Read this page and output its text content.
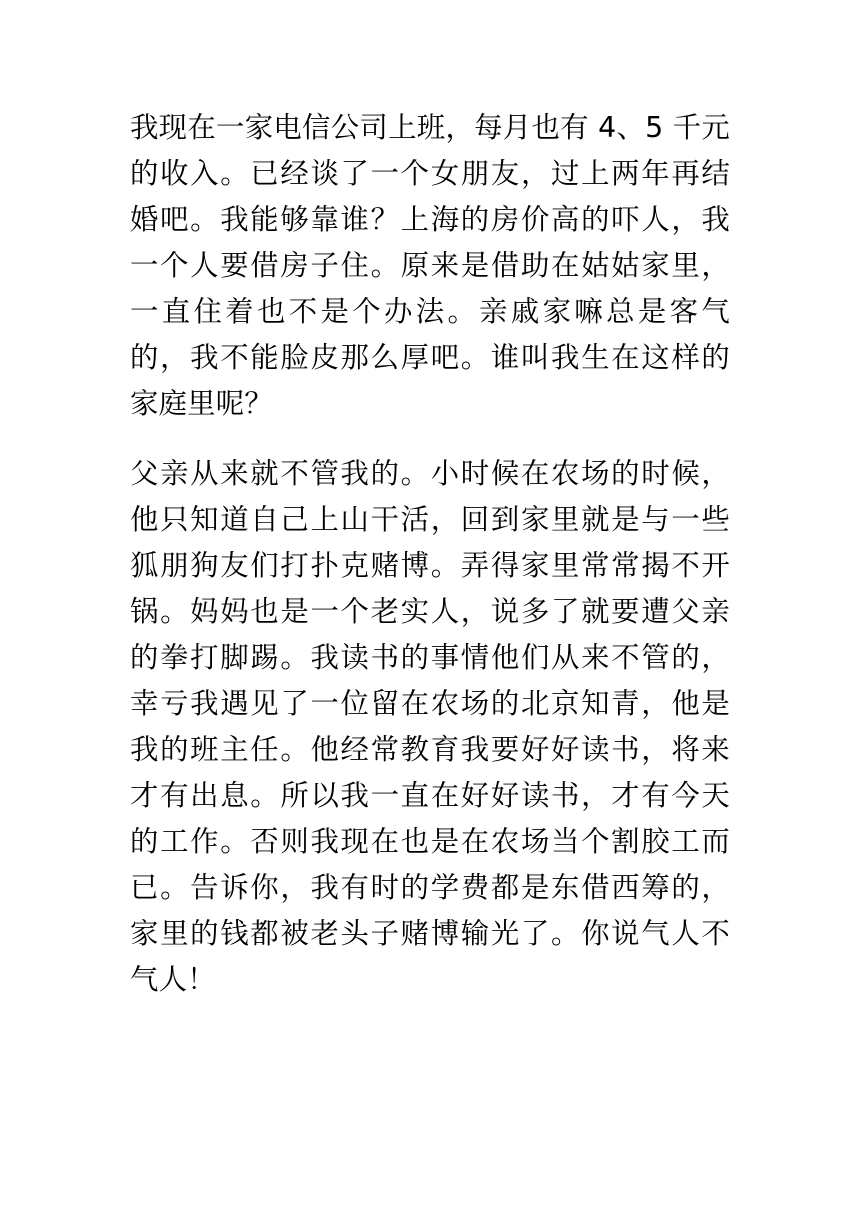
我现在一家电信公司上班，每月也有 4、5 千元的收入。已经谈了一个女朋友，过上两年再结婚吧。我能够靠谁？上海的房价高的吓人，我一个人要借房子住。原来是借助在姑姑家里，一直住着也不是个办法。亲戚家嘛总是客气的，我不能脸皮那么厚吧。谁叫我生在这样的家庭里呢？

父亲从来就不管我的。小时候在农场的时候，他只知道自己上山干活，回到家里就是与一些狐朋狗友们打扑克赌博。弄得家里常常揭不开锅。妈妈也是一个老实人，说多了就要遭父亲的拳打脚踢。我读书的事情他们从来不管的，幸亏我遇见了一位留在农场的北京知青，他是我的班主任。他经常教育我要好好读书，将来才有出息。所以我一直在好好读书，才有今天的工作。否则我现在也是在农场当个割胶工而已。告诉你，我有时的学费都是东借西筹的，家里的钱都被老头子赌博输光了。你说气人不气人！
